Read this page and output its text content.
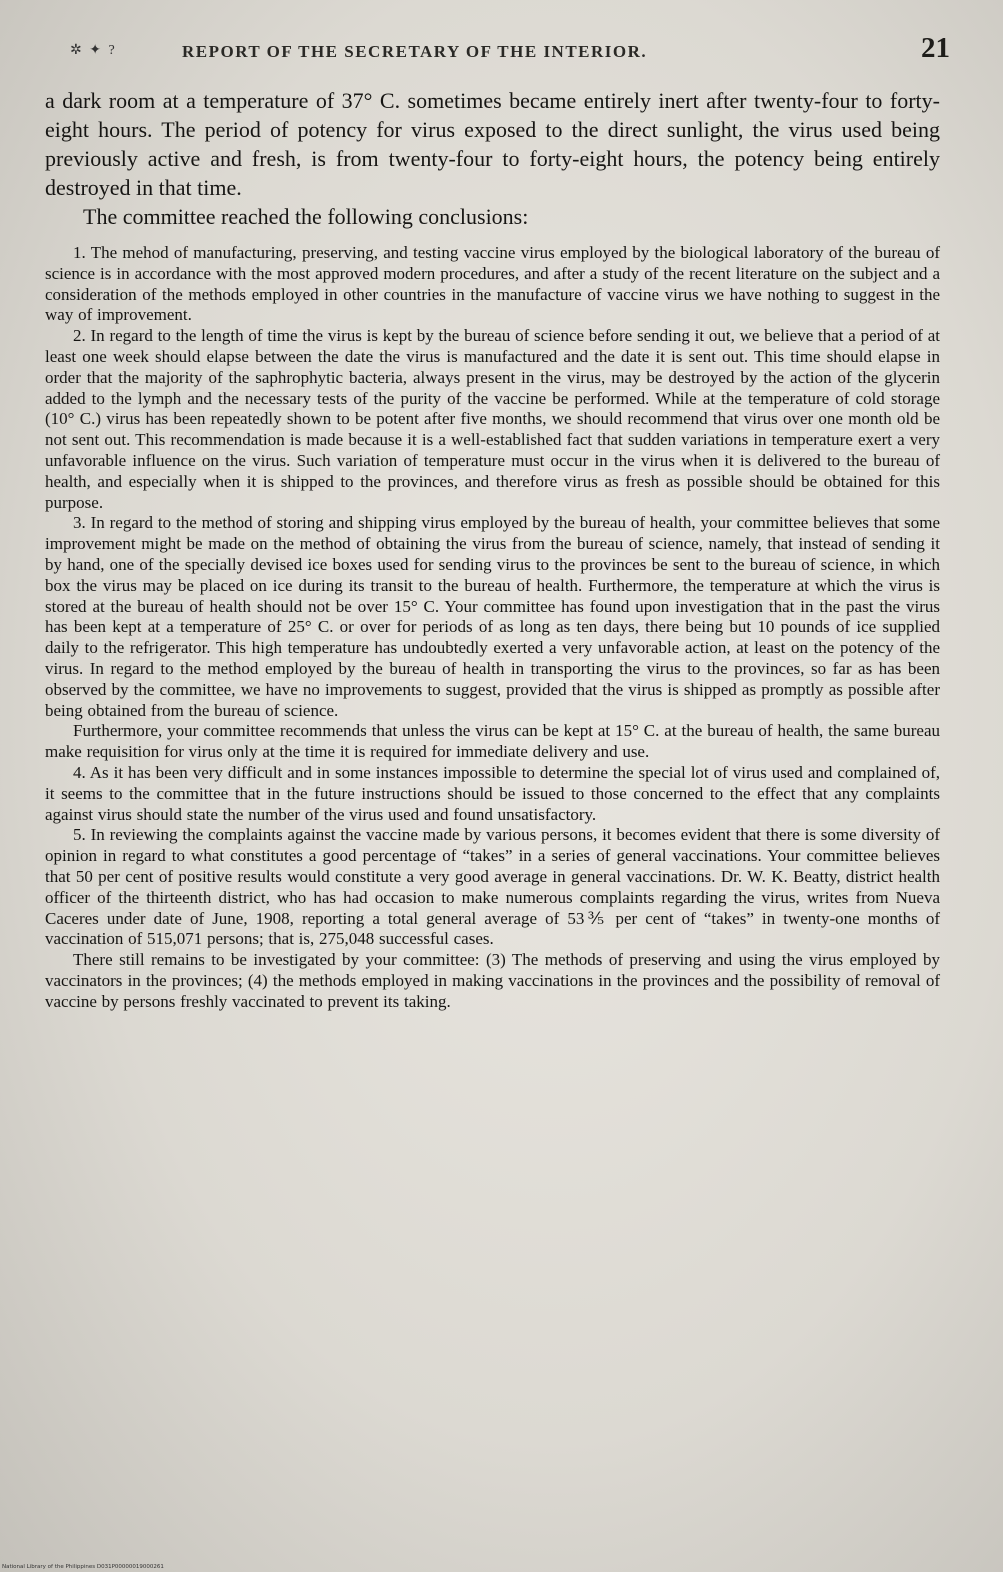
✲ ✦ ?	REPORT OF THE SECRETARY OF THE INTERIOR.	21

a dark room at a temperature of 37° C. sometimes became entirely inert after twenty-four to forty-eight hours. The period of potency for virus exposed to the direct sunlight, the virus used being previously active and fresh, is from twenty-four to forty-eight hours, the potency being entirely destroyed in that time.

The committee reached the following conclusions:

1. The mehod of manufacturing, preserving, and testing vaccine virus employed by the biological laboratory of the bureau of science is in accordance with the most approved modern procedures, and after a study of the recent literature on the subject and a consideration of the methods employed in other countries in the manufacture of vaccine virus we have nothing to suggest in the way of improvement.

2. In regard to the length of time the virus is kept by the bureau of science before sending it out, we believe that a period of at least one week should elapse between the date the virus is manufactured and the date it is sent out. This time should elapse in order that the majority of the saphrophytic bacteria, always present in the virus, may be destroyed by the action of the glycerin added to the lymph and the necessary tests of the purity of the vaccine be performed. While at the temperature of cold storage (10° C.) virus has been repeatedly shown to be potent after five months, we should recommend that virus over one month old be not sent out. This recommendation is made because it is a well-established fact that sudden variations in temperature exert a very unfavorable influence on the virus. Such variation of temperature must occur in the virus when it is delivered to the bureau of health, and especially when it is shipped to the provinces, and therefore virus as fresh as possible should be obtained for this purpose.

3. In regard to the method of storing and shipping virus employed by the bureau of health, your committee believes that some improvement might be made on the method of obtaining the virus from the bureau of science, namely, that instead of sending it by hand, one of the specially devised ice boxes used for sending virus to the provinces be sent to the bureau of science, in which box the virus may be placed on ice during its transit to the bureau of health. Furthermore, the temperature at which the virus is stored at the bureau of health should not be over 15° C. Your committee has found upon investigation that in the past the virus has been kept at a temperature of 25° C. or over for periods of as long as ten days, there being but 10 pounds of ice supplied daily to the refrigerator. This high temperature has undoubtedly exerted a very unfavorable action, at least on the potency of the virus. In regard to the method employed by the bureau of health in transporting the virus to the provinces, so far as has been observed by the committee, we have no improvements to suggest, provided that the virus is shipped as promptly as possible after being obtained from the bureau of science.

Furthermore, your committee recommends that unless the virus can be kept at 15° C. at the bureau of health, the same bureau make requisition for virus only at the time it is required for immediate delivery and use.

4. As it has been very difficult and in some instances impossible to determine the special lot of virus used and complained of, it seems to the committee that in the future instructions should be issued to those concerned to the effect that any complaints against virus should state the number of the virus used and found unsatisfactory.

5. In reviewing the complaints against the vaccine made by various persons, it becomes evident that there is some diversity of opinion in regard to what constitutes a good percentage of “takes” in a series of general vaccinations. Your committee believes that 50 per cent of positive results would constitute a very good average in general vaccinations. Dr. W. K. Beatty, district health officer of the thirteenth district, who has had occasion to make numerous complaints regarding the virus, writes from Nueva Caceres under date of June, 1908, reporting a total general average of 53⅗ per cent of “takes” in twenty-one months of vaccination of 515,071 persons; that is, 275,048 successful cases.

There still remains to be investigated by your committee: (3) The methods of preserving and using the virus employed by vaccinators in the provinces; (4) the methods employed in making vaccinations in the provinces and the possibility of removal of vaccine by persons freshly vaccinated to prevent its taking.

National Library of the Philippines D031P00000019000261
